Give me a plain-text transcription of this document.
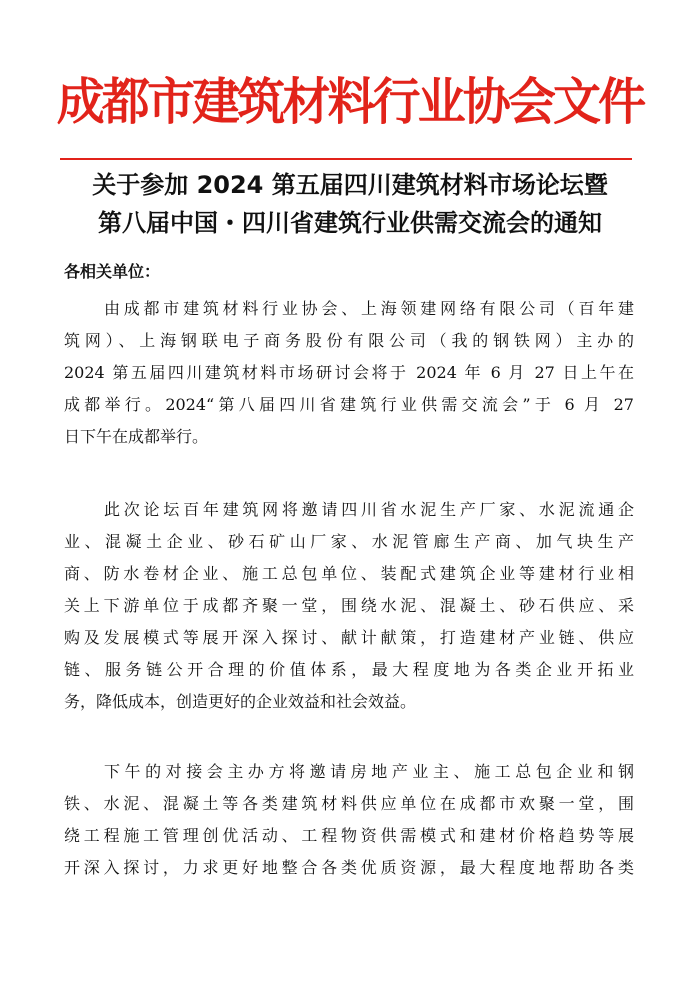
成都市建筑材料行业协会文件
关于参加 2024 第五届四川建筑材料市场论坛暨
第八届中国・四川省建筑行业供需交流会的通知
各相关单位：
由成都市建筑材料行业协会、上海领建网络有限公司（百年建
筑网）、上海钢联电子商务股份有限公司（我的钢铁网）主办的
2024 第五届四川建筑材料市场研讨会将于 2024 年 6 月 27 日上午在
成都举行。2024“第八届四川省建筑行业供需交流会”于 6 月 27
日下午在成都举行。
此次论坛百年建筑网将邀请四川省水泥生产厂家、水泥流通企
业、混凝土企业、砂石矿山厂家、水泥管廊生产商、加气块生产
商、防水卷材企业、施工总包单位、装配式建筑企业等建材行业相
关上下游单位于成都齐聚一堂，围绕水泥、混凝土、砂石供应、采
购及发展模式等展开深入探讨、献计献策，打造建材产业链、供应
链、服务链公开合理的价值体系，最大程度地为各类企业开拓业
务，降低成本，创造更好的企业效益和社会效益。
下午的对接会主办方将邀请房地产业主、施工总包企业和钢
铁、水泥、混凝土等各类建筑材料供应单位在成都市欢聚一堂，围
绕工程施工管理创优活动、工程物资供需模式和建材价格趋势等展
开深入探讨，力求更好地整合各类优质资源，最大程度地帮助各类
